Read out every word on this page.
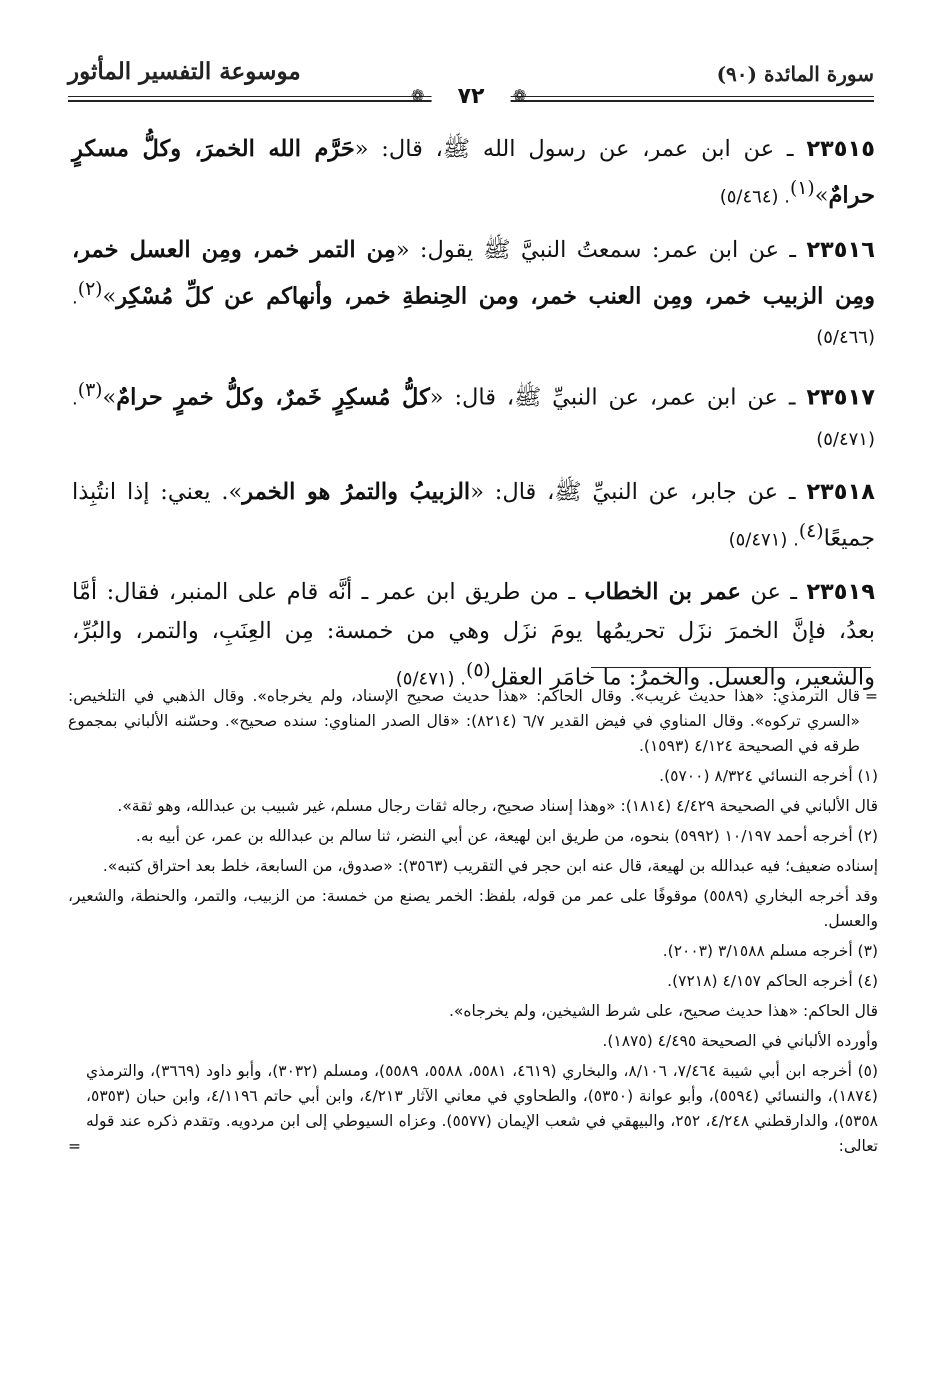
سورة المائدة (٩٠)
موسوعة التفسير المأثور
٧٢
❁	❁

٢٣٥١٥ ـ عن ابن عمر، عن رسول الله ﷺ، قال: «حَرَّم الله الخمرَ، وكلُّ مسكرٍ حرامٌ»$^{(١)}$. (٥/٤٦٤)

٢٣٥١٦ ـ عن ابن عمر: سمعتُ النبيَّ ﷺ يقول: «مِن التمر خمر، ومِن العسل خمر، ومِن الزبيب خمر، ومِن العنب خمر، ومن الحِنطةِ خمر، وأنهاكم عن كلِّ مُسْكِر»$^{(٢)}$. (٥/٤٦٦)

٢٣٥١٧ ـ عن ابن عمر، عن النبيِّ ﷺ، قال: «كلُّ مُسكِرٍ خَمرٌ، وكلُّ خمرٍ حرامٌ»$^{(٣)}$. (٥/٤٧١)

٢٣٥١٨ ـ عن جابر، عن النبيِّ ﷺ، قال: «الزبيبُ والتمرُ هو الخمر». يعني: إذا انتُبِذا جميعًا$^{(٤)}$. (٥/٤٧١)

٢٣٥١٩ ـ عن عمر بن الخطاب ـ من طريق ابن عمر ـ أنَّه قام على المنبر، فقال: أمَّا بعدُ، فإنَّ الخمرَ نزَل تحريمُها يومَ نزَل وهي من خمسة: مِن العِنَبِ، والتمر، والبُرِّ، والشعير، والعسل. والخمرُ: ما خامَر العقل$^{(٥)}$. (٥/٤٧١)

= قال الترمذي: «هذا حديث غريب». وقال الحاكم: «هذا حديث صحيح الإسناد، ولم يخرجاه». وقال الذهبي في التلخيص: «السري تركوه». وقال المناوي في فيض القدير ٦/٧ (٨٢١٤): «قال الصدر المناوي: سنده صحيح». وحسّنه الألباني بمجموع طرقه في الصحيحة ٤/١٢٤ (١٥٩٣).

(١) أخرجه النسائي ٨/٣٢٤ (٥٧٠٠).

قال الألباني في الصحيحة ٤/٤٢٩ (١٨١٤): «وهذا إسناد صحيح، رجاله ثقات رجال مسلم، غير شبيب بن عبدالله، وهو ثقة».

(٢) أخرجه أحمد ١٠/١٩٧ (٥٩٩٢) بنحوه، من طريق ابن لهيعة، عن أبي النضر، ثنا سالم بن عبدالله بن عمر، عن أبيه به.

إسناده ضعيف؛ فيه عبدالله بن لهيعة، قال عنه ابن حجر في التقريب (٣٥٦٣): «صدوق، من السابعة، خلط بعد احتراق كتبه».

وقد أخرجه البخاري (٥٥٨٩) موقوفًا على عمر من قوله، بلفظ: الخمر يصنع من خمسة: من الزبيب، والتمر، والحنطة، والشعير، والعسل.

(٣) أخرجه مسلم ٣/١٥٨٨ (٢٠٠٣).

(٤) أخرجه الحاكم ٤/١٥٧ (٧٢١٨).

قال الحاكم: «هذا حديث صحيح، على شرط الشيخين، ولم يخرجاه».

وأورده الألباني في الصحيحة ٤/٤٩٥ (١٨٧٥).

(٥) أخرجه ابن أبي شيبة ٧/٤٦٤، ٨/١٠٦، والبخاري (٤٦١٩، ٥٥٨١، ٥٥٨٨، ٥٥٨٩)، ومسلم (٣٠٣٢)، وأبو داود (٣٦٦٩)، والترمذي (١٨٧٤)، والنسائي (٥٥٩٤)، وأبو عوانة (٥٣٥٠)، والطحاوي في معاني الآثار ٤/٢١٣، وابن أبي حاتم ٤/١١٩٦، وابن حبان (٥٣٥٣، ٥٣٥٨)، والدارقطني ٤/٢٤٨، ٢٥٢، والبيهقي في شعب الإيمان (٥٥٧٧). وعزاه السيوطي إلى ابن مردويه. وتقدم ذكره عند قوله تعالى: =
